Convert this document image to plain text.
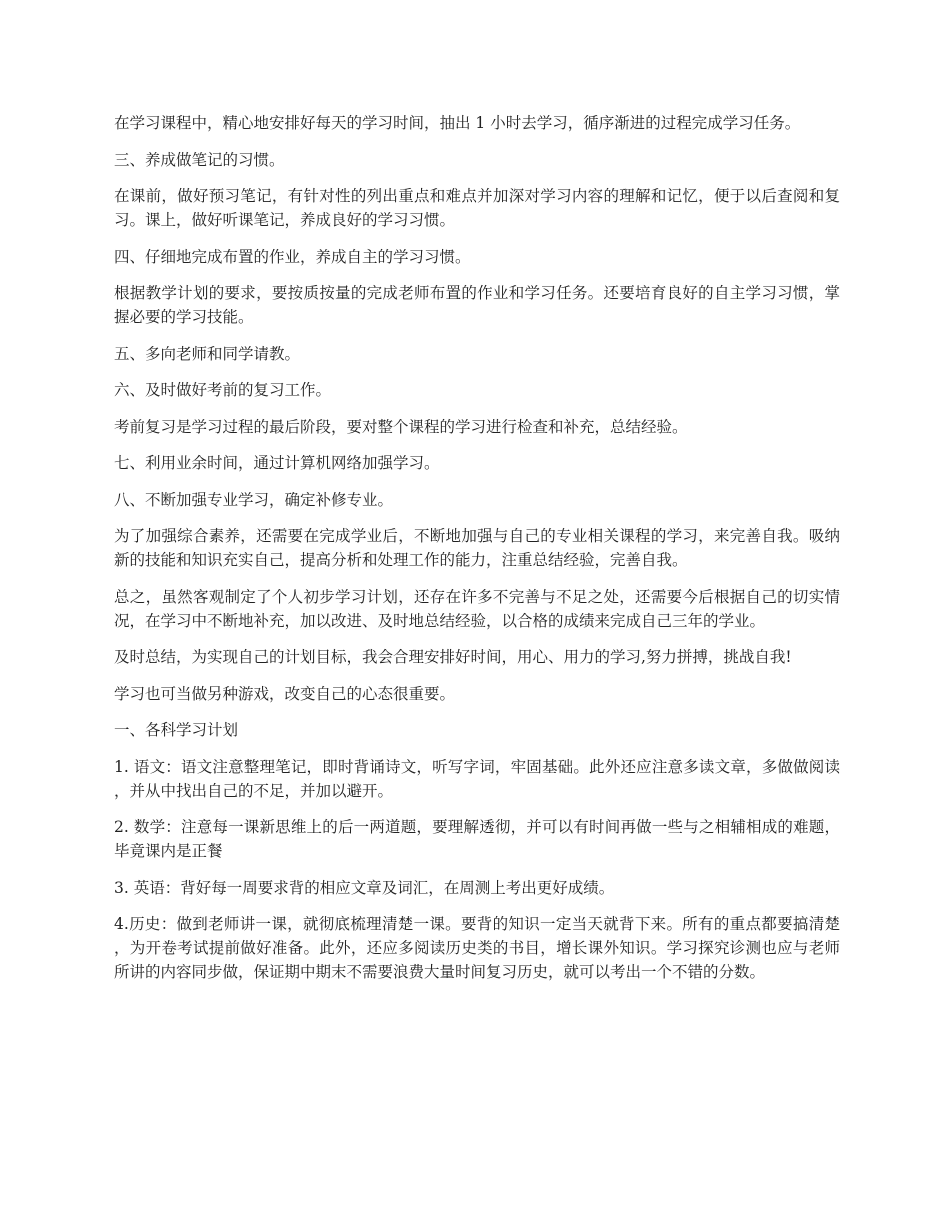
在学习课程中，精心地安排好每天的学习时间，抽出 1 小时去学习，循序渐进的过程完成学习任务。

三、养成做笔记的习惯。

在课前，做好预习笔记，有针对性的列出重点和难点并加深对学习内容的理解和记忆，便于以后查阅和复习。课上，做好听课笔记，养成良好的学习习惯。

四、仔细地完成布置的作业，养成自主的学习习惯。

根据教学计划的要求，要按质按量的完成老师布置的作业和学习任务。还要培育良好的自主学习习惯，掌握必要的学习技能。

五、多向老师和同学请教。

六、及时做好考前的复习工作。

考前复习是学习过程的最后阶段，要对整个课程的学习进行检查和补充，总结经验。

七、利用业余时间，通过计算机网络加强学习。

八、不断加强专业学习，确定补修专业。

为了加强综合素养，还需要在完成学业后，不断地加强与自己的专业相关课程的学习，来完善自我。吸纳新的技能和知识充实自己，提高分析和处理工作的能力，注重总结经验，完善自我。

总之，虽然客观制定了个人初步学习计划，还存在许多不完善与不足之处，还需要今后根据自己的切实情况，在学习中不断地补充，加以改进、及时地总结经验，以合格的成绩来完成自己三年的学业。

及时总结，为实现自己的计划目标，我会合理安排好时间，用心、用力的学习,努力拼搏，挑战自我!

学习也可当做另种游戏，改变自己的心态很重要。

一、各科学习计划

1. 语文：语文注意整理笔记，即时背诵诗文，听写字词，牢固基础。此外还应注意多读文章，多做做阅读，并从中找出自己的不足，并加以避开。

2. 数学：注意每一课新思维上的后一两道题，要理解透彻，并可以有时间再做一些与之相辅相成的难题，毕竟课内是正餐

3. 英语：背好每一周要求背的相应文章及词汇，在周测上考出更好成绩。

4.历史：做到老师讲一课，就彻底梳理清楚一课。要背的知识一定当天就背下来。所有的重点都要搞清楚，为开卷考试提前做好准备。此外，还应多阅读历史类的书目，增长课外知识。学习探究诊测也应与老师所讲的内容同步做，保证期中期末不需要浪费大量时间复习历史，就可以考出一个不错的分数。
